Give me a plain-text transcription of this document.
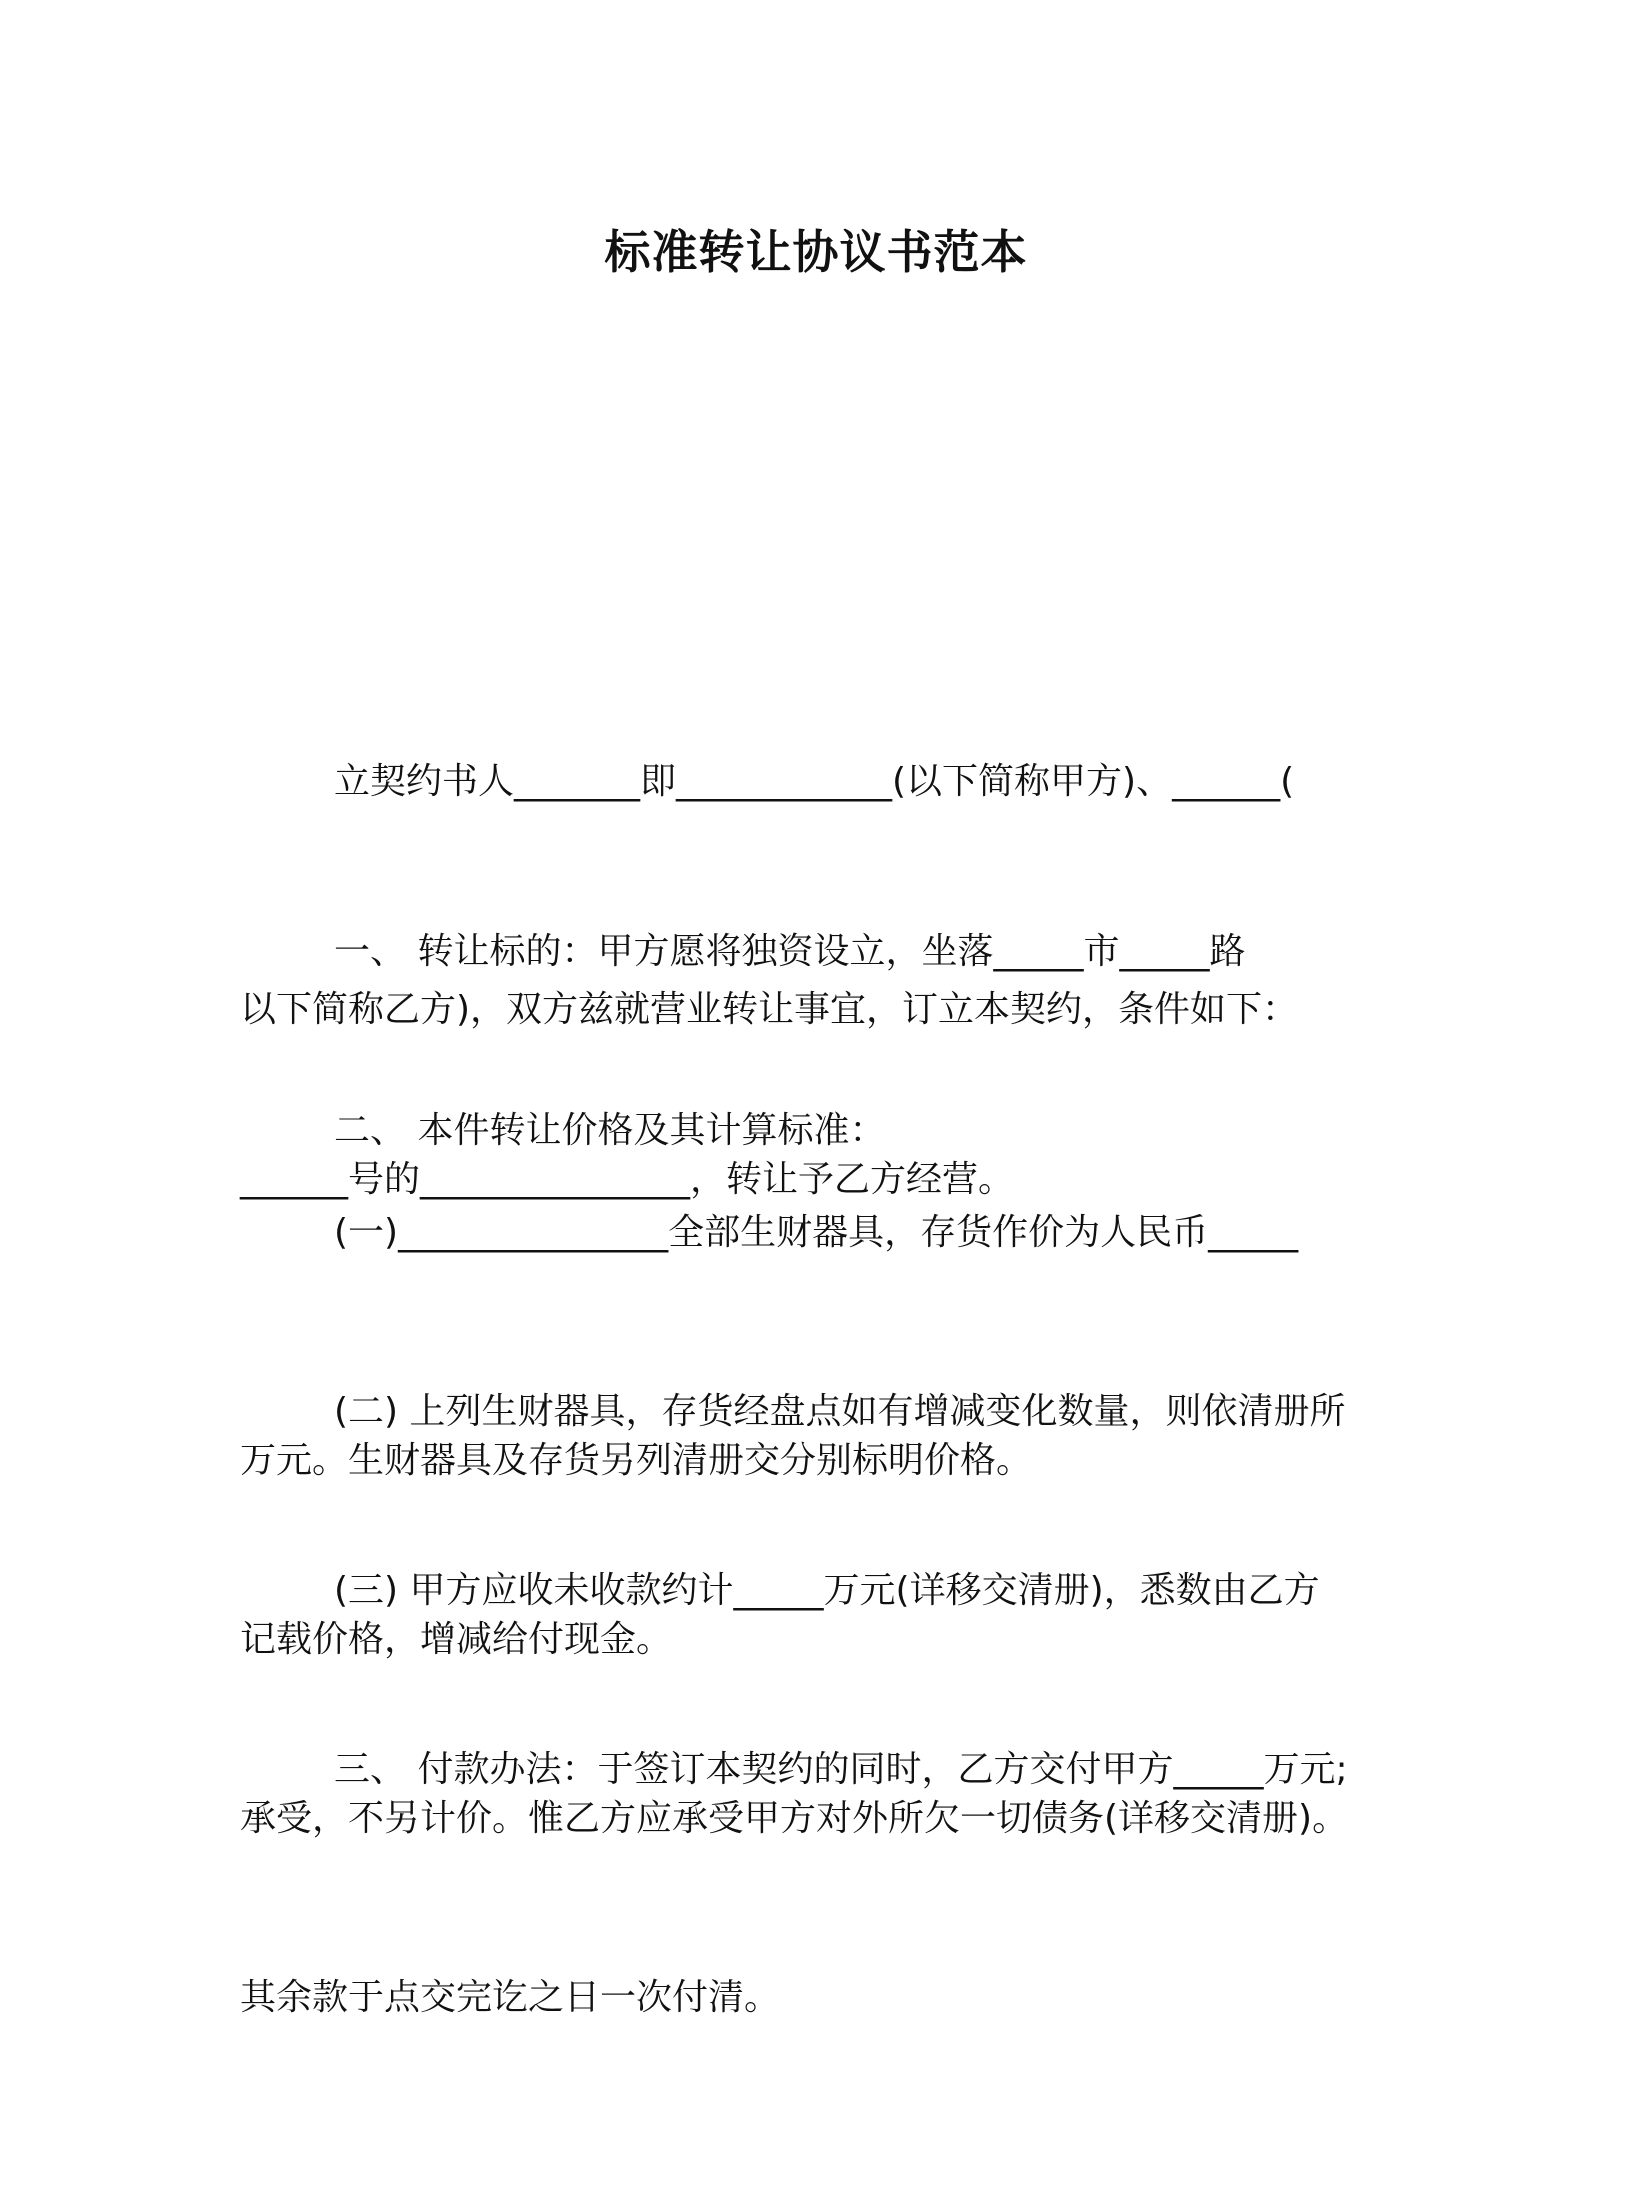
标准转让协议书范本

立契约书人_______即____________(以下简称甲方)、______(

以下简称乙方)，双方兹就营业转让事宜，订立本契约，条件如下：

一、 转让标的：甲方愿将独资设立，坐落_____市_____路

______号的_______________，转让予乙方经营。

二、 本件转让价格及其计算标准：

(一)_______________全部生财器具，存货作价为人民币_____

万元。生财器具及存货另列清册交分别标明价格。

(二) 上列生财器具，存货经盘点如有增减变化数量，则依清册所

记载价格，增减给付现金。

(三) 甲方应收未收款约计_____万元(详移交清册)，悉数由乙方

承受，不另计价。惟乙方应承受甲方对外所欠一切债务(详移交清册)。

三、 付款办法：于签订本契约的同时，乙方交付甲方_____万元;

其余款于点交完讫之日一次付清。
